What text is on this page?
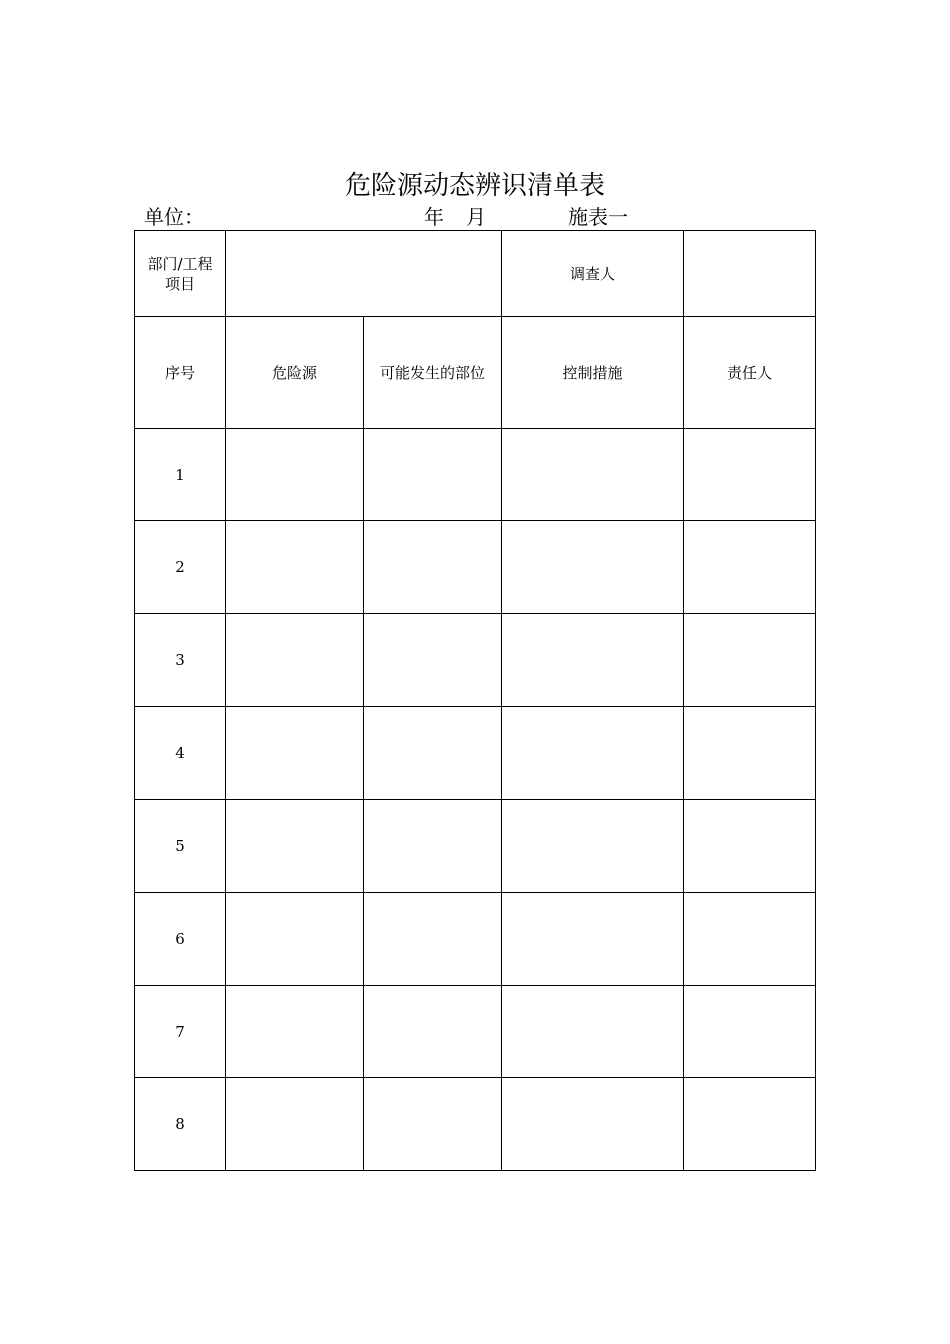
危险源动态辨识清单表
单位：	年 月	施表一
部门/工程项目			调查人	
序号	危险源	可能发生的部位	控制措施	责任人
1				
2				
3				
4				
5				
6				
7				
8				
